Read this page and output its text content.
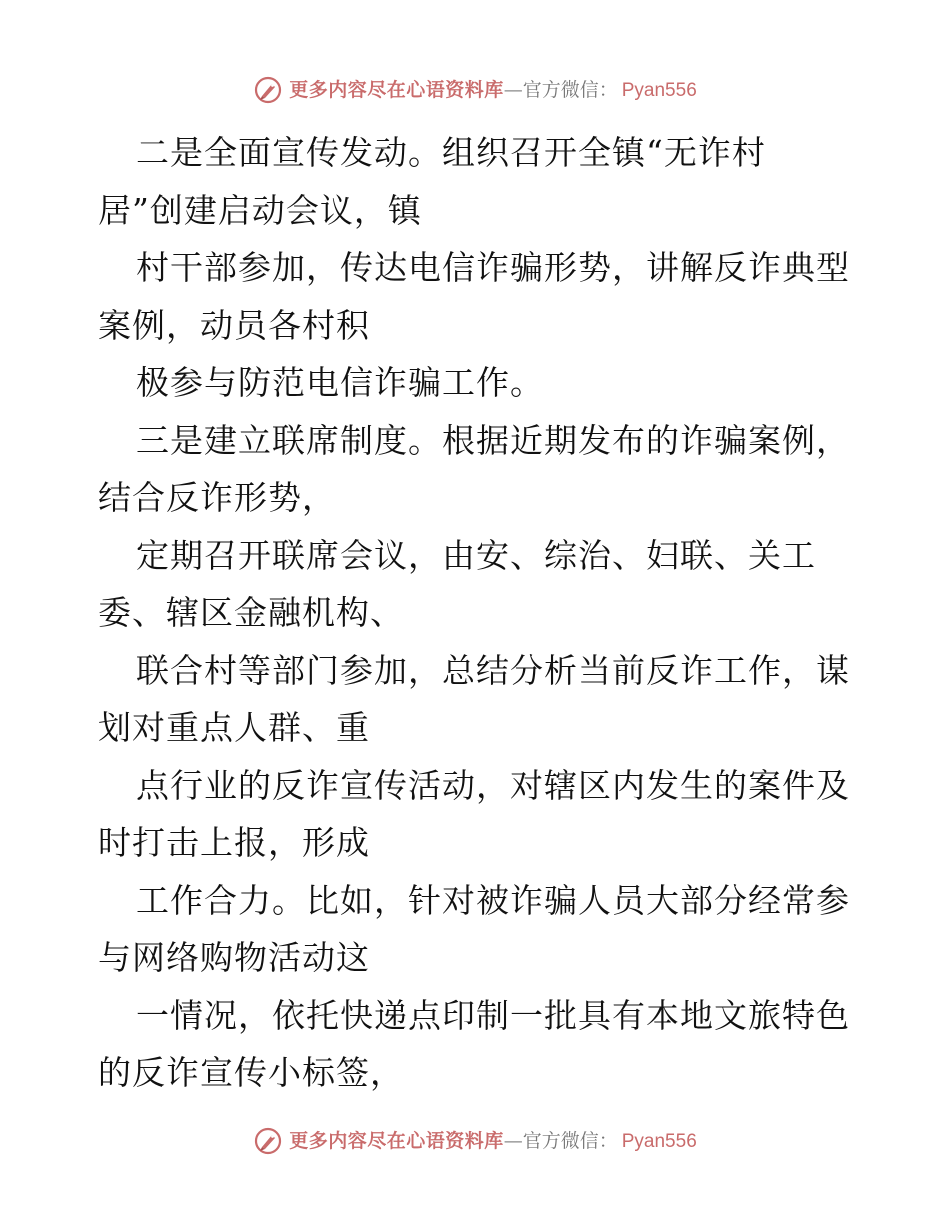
更多内容尽在心语资料库 — 官方微信： Pyan556
二是全面宣传发动。组织召开全镇“无诈村
居”创建启动会议，镇
村干部参加，传达电信诈骗形势，讲解反诈典型
案例，动员各村积
极参与防范电信诈骗工作。
三是建立联席制度。根据近期发布的诈骗案例，
结合反诈形势，
定期召开联席会议，由安、综治、妇联、关工
委、辖区金融机构、
联合村等部门参加，总结分析当前反诈工作，谋
划对重点人群、重
点行业的反诈宣传活动，对辖区内发生的案件及
时打击上报，形成
工作合力。比如，针对被诈骗人员大部分经常参
与网络购物活动这
一情况，依托快递点印制一批具有本地文旅特色
的反诈宣传小标签，
更多内容尽在心语资料库 — 官方微信： Pyan556
